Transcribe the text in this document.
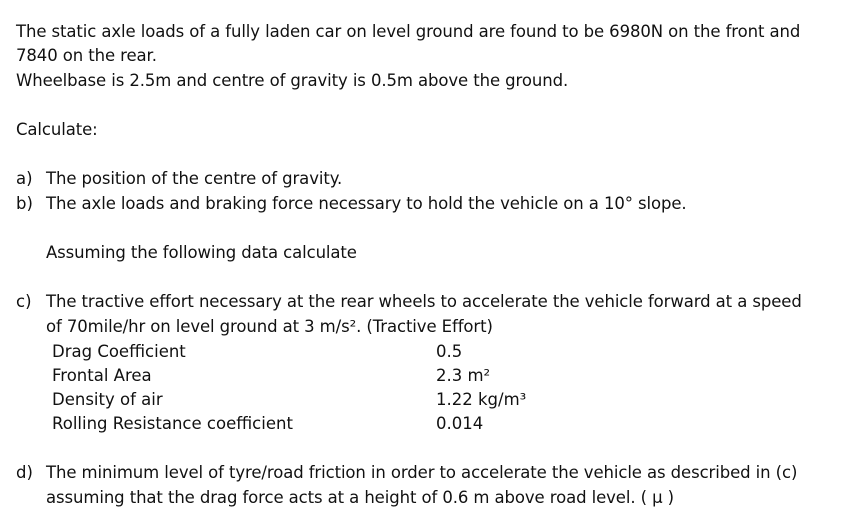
The static axle loads of a fully laden car on level ground are found to be 6980N on the front and
7840 on the rear.
Wheelbase is 2.5m and centre of gravity is 0.5m above the ground.
Calculate:
a) The position of the centre of gravity.
b) The axle loads and braking force necessary to hold the vehicle on a 10° slope.
Assuming the following data calculate
c) The tractive effort necessary at the rear wheels to accelerate the vehicle forward at a speed
of 70mile/hr on level ground at 3 m/s². (Tractive Effort)
Drag Coefficient	0.5
Frontal Area	2.3 m²
Density of air	1.22 kg/m³
Rolling Resistance coefficient	0.014
d) The minimum level of tyre/road friction in order to accelerate the vehicle as described in (c)
assuming that the drag force acts at a height of 0.6 m above road level. ( μ )
